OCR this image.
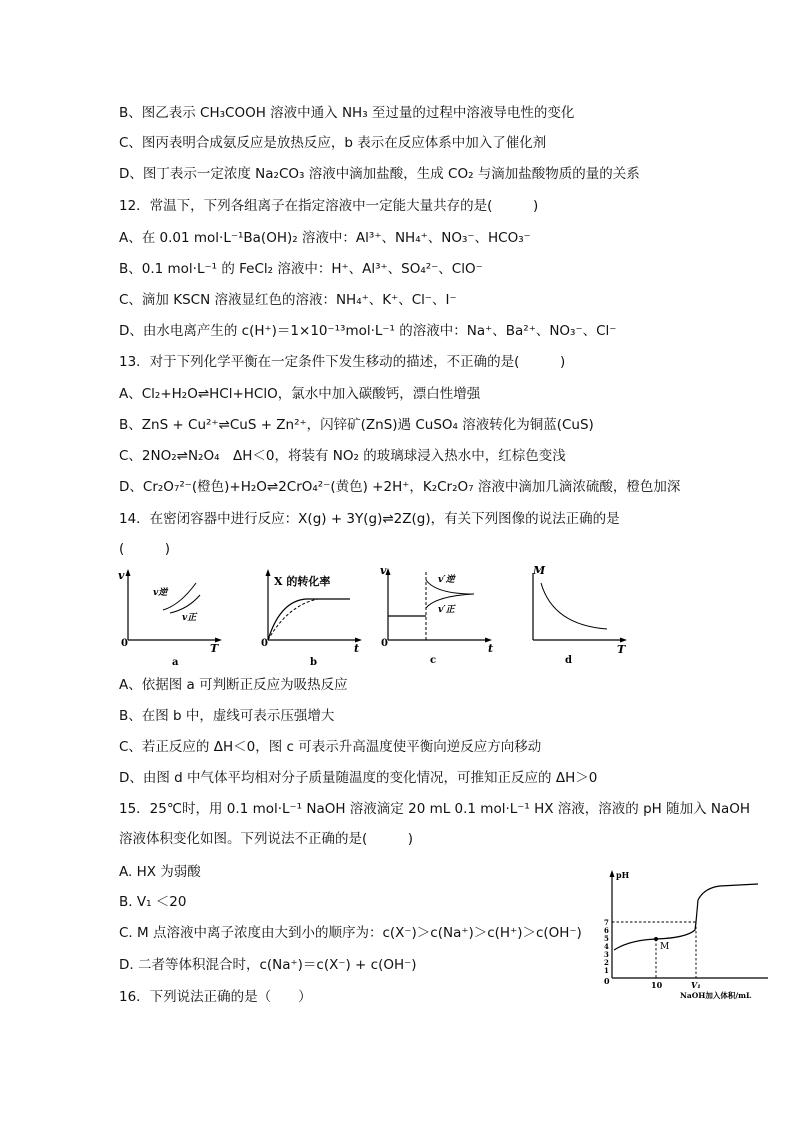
B、图乙表示 CH₃COOH 溶液中通入 NH₃ 至过量的过程中溶液导电性的变化
C、图丙表明合成氨反应是放热反应，b 表示在反应体系中加入了催化剂
D、图丁表示一定浓度 Na₂CO₃ 溶液中滴加盐酸，生成 CO₂ 与滴加盐酸物质的量的关系
12．常温下，下列各组离子在指定溶液中一定能大量共存的是(　　　)
A、在 0.01 mol·L⁻¹Ba(OH)₂ 溶液中：Al³⁺、NH₄⁺、NO₃⁻、HCO₃⁻
B、0.1 mol·L⁻¹ 的 FeCl₂ 溶液中：H⁺、Al³⁺、SO₄²⁻、ClO⁻
C、滴加 KSCN 溶液显红色的溶液：NH₄⁺、K⁺、Cl⁻、I⁻
D、由水电离产生的 c(H⁺)＝1×10⁻¹³mol·L⁻¹ 的溶液中：Na⁺、Ba²⁺、NO₃⁻、Cl⁻
13．对于下列化学平衡在一定条件下发生移动的描述，不正确的是(　　　)
A、Cl₂+H₂O⇌HCl+HClO，氯水中加入碳酸钙，漂白性增强
B、ZnS + Cu²⁺⇌CuS + Zn²⁺，闪锌矿(ZnS)遇 CuSO₄ 溶液转化为铜蓝(CuS)
C、2NO₂⇌N₂O₄　ΔH＜0，将装有 NO₂ 的玻璃球浸入热水中，红棕色变浅
D、Cr₂O₇²⁻(橙色)+H₂O⇌2CrO₄²⁻(黄色) +2H⁺，K₂Cr₂O₇ 溶液中滴加几滴浓硫酸，橙色加深
14．在密闭容器中进行反应：X(g) + 3Y(g)⇌2Z(g)，有关下列图像的说法正确的是
(　　　)
A、依据图 a 可判断正反应为吸热反应
B、在图 b 中，虚线可表示压强增大
C、若正反应的 ΔH＜0，图 c 可表示升高温度使平衡向逆反应方向移动
D、由图 d 中气体平均相对分子质量随温度的变化情况，可推知正反应的 ΔH＞0
15．25℃时，用 0.1 mol·L⁻¹ NaOH 溶液滴定 20 mL 0.1 mol·L⁻¹ HX 溶液，溶液的 pH 随加入 NaOH
溶液体积变化如图。下列说法不正确的是(　　　)
A. HX 为弱酸
B. V₁ ＜20
C. M 点溶液中离子浓度由大到小的顺序为：c(X⁻)＞c(Na⁺)＞c(H⁺)＞c(OH⁻)
D. 二者等体积混合时，c(Na⁺)＝c(X⁻) + c(OH⁻)
16．下列说法正确的是（　　）
v
0	T
v逆
v正
a
X 的转化率
0	t
b
v
0	t
v′逆
v′正
c
M̄
T
d
pH
0
7
6
5
4
3
2
1
M
10	V₁
NaOH加入体积/mL
